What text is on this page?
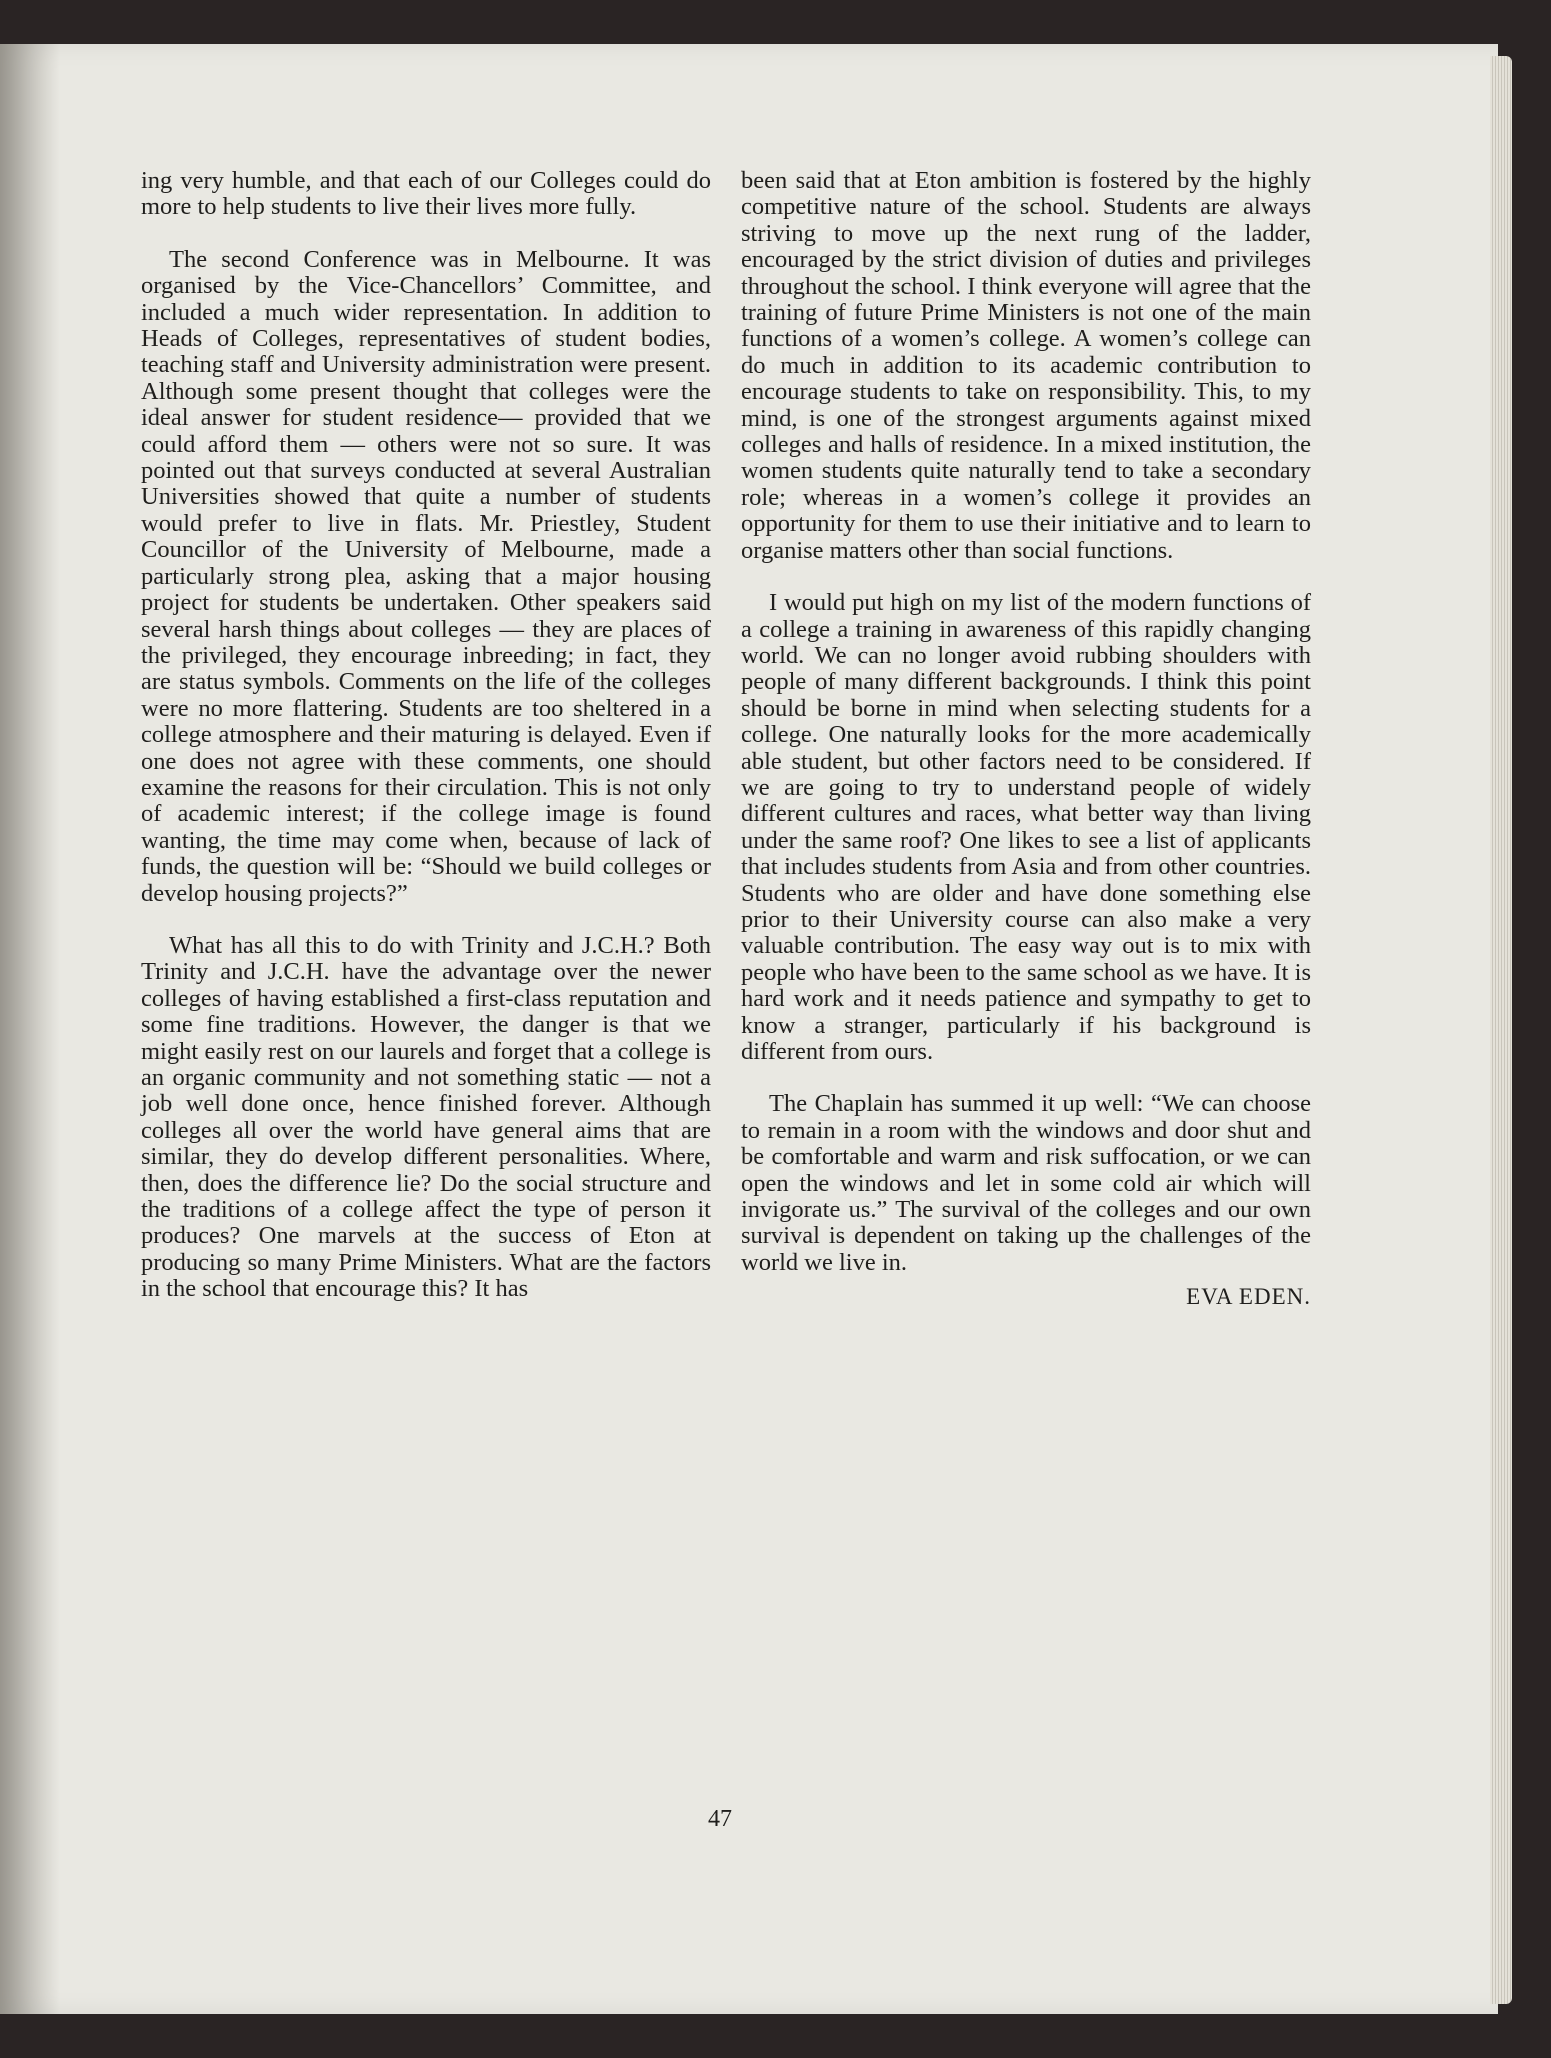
ing very humble, and that each of our Colleges could do more to help students to live their lives more fully.

The second Conference was in Melbourne. It was organised by the Vice-Chancellors’ Committee, and included a much wider representation. In addition to Heads of Colleges, representatives of student bodies, teaching staff and University administration were present. Although some present thought that colleges were the ideal answer for student residence— provided that we could afford them — others were not so sure. It was pointed out that surveys conducted at several Australian Universities showed that quite a number of students would prefer to live in flats. Mr. Priestley, Student Councillor of the University of Melbourne, made a particularly strong plea, asking that a major housing project for students be undertaken. Other speakers said several harsh things about colleges — they are places of the privileged, they encourage inbreeding; in fact, they are status symbols. Comments on the life of the colleges were no more flattering. Students are too sheltered in a college atmosphere and their maturing is delayed. Even if one does not agree with these comments, one should examine the reasons for their circulation. This is not only of academic interest; if the college image is found wanting, the time may come when, because of lack of funds, the question will be: “Should we build colleges or develop housing projects?”

What has all this to do with Trinity and J.C.H.? Both Trinity and J.C.H. have the advantage over the newer colleges of having established a first-class reputation and some fine traditions. However, the danger is that we might easily rest on our laurels and forget that a college is an organic community and not something static — not a job well done once, hence finished forever. Although colleges all over the world have general aims that are similar, they do develop different personalities. Where, then, does the difference lie? Do the social structure and the traditions of a college affect the type of person it produces? One marvels at the success of Eton at producing so many Prime Ministers. What are the factors in the school that encourage this? It has

been said that at Eton ambition is fostered by the highly competitive nature of the school. Students are always striving to move up the next rung of the ladder, encouraged by the strict division of duties and privileges throughout the school. I think everyone will agree that the training of future Prime Ministers is not one of the main functions of a women’s college. A women’s college can do much in addition to its academic contribution to encourage students to take on responsibility. This, to my mind, is one of the strongest arguments against mixed colleges and halls of residence. In a mixed institution, the women students quite naturally tend to take a secondary role; whereas in a women’s college it provides an opportunity for them to use their initiative and to learn to organise matters other than social functions.

I would put high on my list of the modern functions of a college a training in awareness of this rapidly changing world. We can no longer avoid rubbing shoulders with people of many different backgrounds. I think this point should be borne in mind when selecting students for a college. One naturally looks for the more academically able student, but other factors need to be considered. If we are going to try to understand people of widely different cultures and races, what better way than living under the same roof? One likes to see a list of applicants that includes students from Asia and from other countries. Students who are older and have done something else prior to their University course can also make a very valuable contribution. The easy way out is to mix with people who have been to the same school as we have. It is hard work and it needs patience and sympathy to get to know a stranger, particularly if his background is different from ours.

The Chaplain has summed it up well: “We can choose to remain in a room with the windows and door shut and be comfortable and warm and risk suffocation, or we can open the windows and let in some cold air which will invigorate us.” The survival of the colleges and our own survival is dependent on taking up the challenges of the world we live in.

EVA EDEN.
47
